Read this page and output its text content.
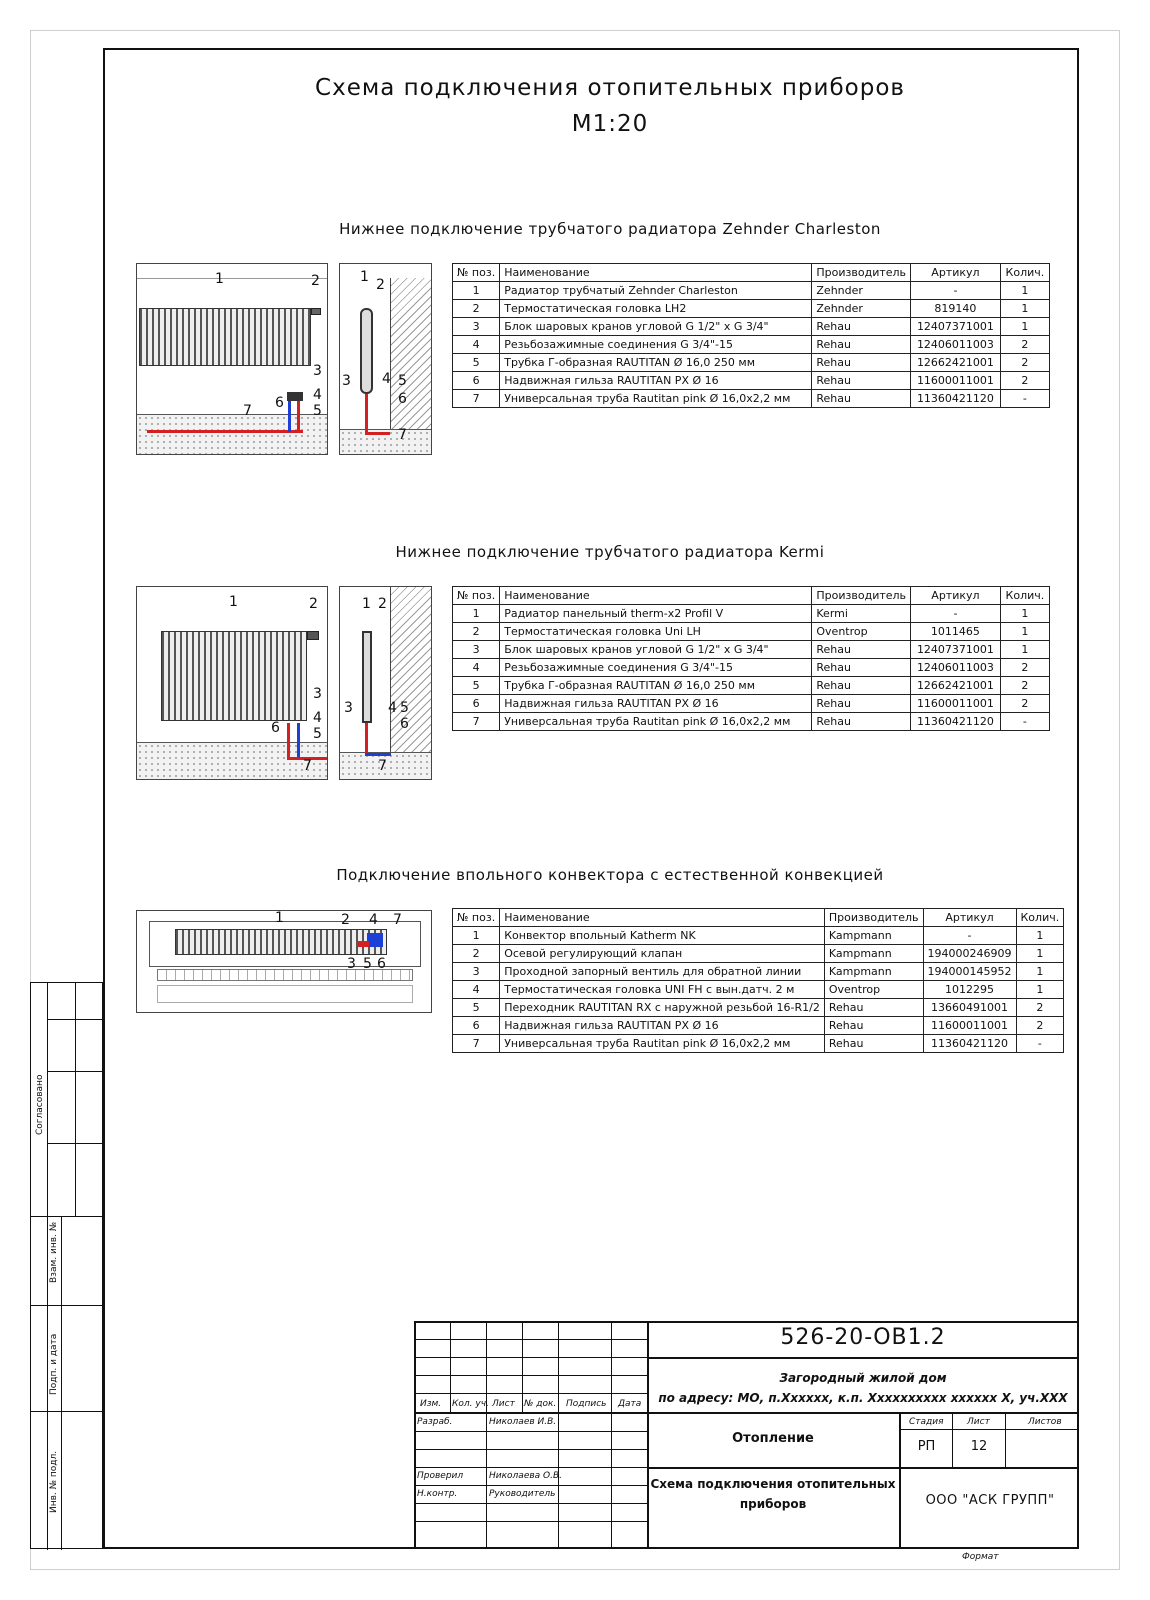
Схема подключения отопительных приборов
М1:20
Нижнее подключение трубчатого радиатора Zehnder Charleston
Нижнее подключение трубчатого радиатора Kermi
Подключение впольного конвектора с естественной конвекцией
№ поз.	Наименование	Производитель	Артикул	Колич.
1	Радиатор трубчатый Zehnder Charleston	Zehnder	-	1
2	Термостатическая головка LH2	Zehnder	819140	1
3	Блок шаровых кранов угловой G 1/2" x G 3/4"	Rehau	12407371001	1
4	Резьбозажимные соединения G 3/4"-15	Rehau	12406011003	2
5	Трубка Г-образная RAUTITAN Ø 16,0 250 мм	Rehau	12662421001	2
6	Надвижная гильза RAUTITAN PX Ø 16	Rehau	11600011001	2
7	Универсальная труба Rautitan pink Ø 16,0х2,2 мм	Rehau	11360421120	-
№ поз.	Наименование	Производитель	Артикул	Колич.
1	Радиатор панельный therm-x2 Profil V	Kermi	-	1
2	Термостатическая головка Uni LH	Oventrop	1011465	1
3	Блок шаровых кранов угловой G 1/2" x G 3/4"	Rehau	12407371001	1
4	Резьбозажимные соединения G 3/4"-15	Rehau	12406011003	2
5	Трубка Г-образная RAUTITAN Ø 16,0 250 мм	Rehau	12662421001	2
6	Надвижная гильза RAUTITAN PX Ø 16	Rehau	11600011001	2
7	Универсальная труба Rautitan pink Ø 16,0х2,2 мм	Rehau	11360421120	-
№ поз.	Наименование	Производитель	Артикул	Колич.
1	Конвектор впольный Katherm NK	Kampmann	-	1
2	Осевой регулирующий клапан	Kampmann	194000246909	1
3	Проходной запорный вентиль для обратной линии	Kampmann	194000145952	1
4	Термостатическая головка UNI FH с вын.датч. 2 м	Oventrop	1012295	1
5	Переходник RAUTITAN RX с наружной резьбой 16-R1/2	Rehau	13660491001	2
6	Надвижная гильза RAUTITAN PX Ø 16	Rehau	11600011001	2
7	Универсальная труба Rautitan pink Ø 16,0х2,2 мм	Rehau	11360421120	-
1	2
3
4
5
6
7
1 2
3 4 5
6
7
1	2
3
4
5
6
7
1 2
3	4 5
6
7
1	2
3
4
5 6
7
Согласовано
Взам. инв. №
Подп. и дата
Инв. № подл.
526-20-ОВ1.2
Загородный жилой дом
по адресу: МО, п.Хххххх, к.п. Хххххххххх хххххх Х, уч.ХХХ
Изм. Кол. уч. Лист № док. Подпись Дата
Разраб.	Николаев И.В.
Проверил	Николаева О.В.
Н.контр.	Руководитель
Отопление
Стадия	Лист	Листов
РП	12
Схема подключения отопительных
приборов	ООО "АСК ГРУПП"
Формат
